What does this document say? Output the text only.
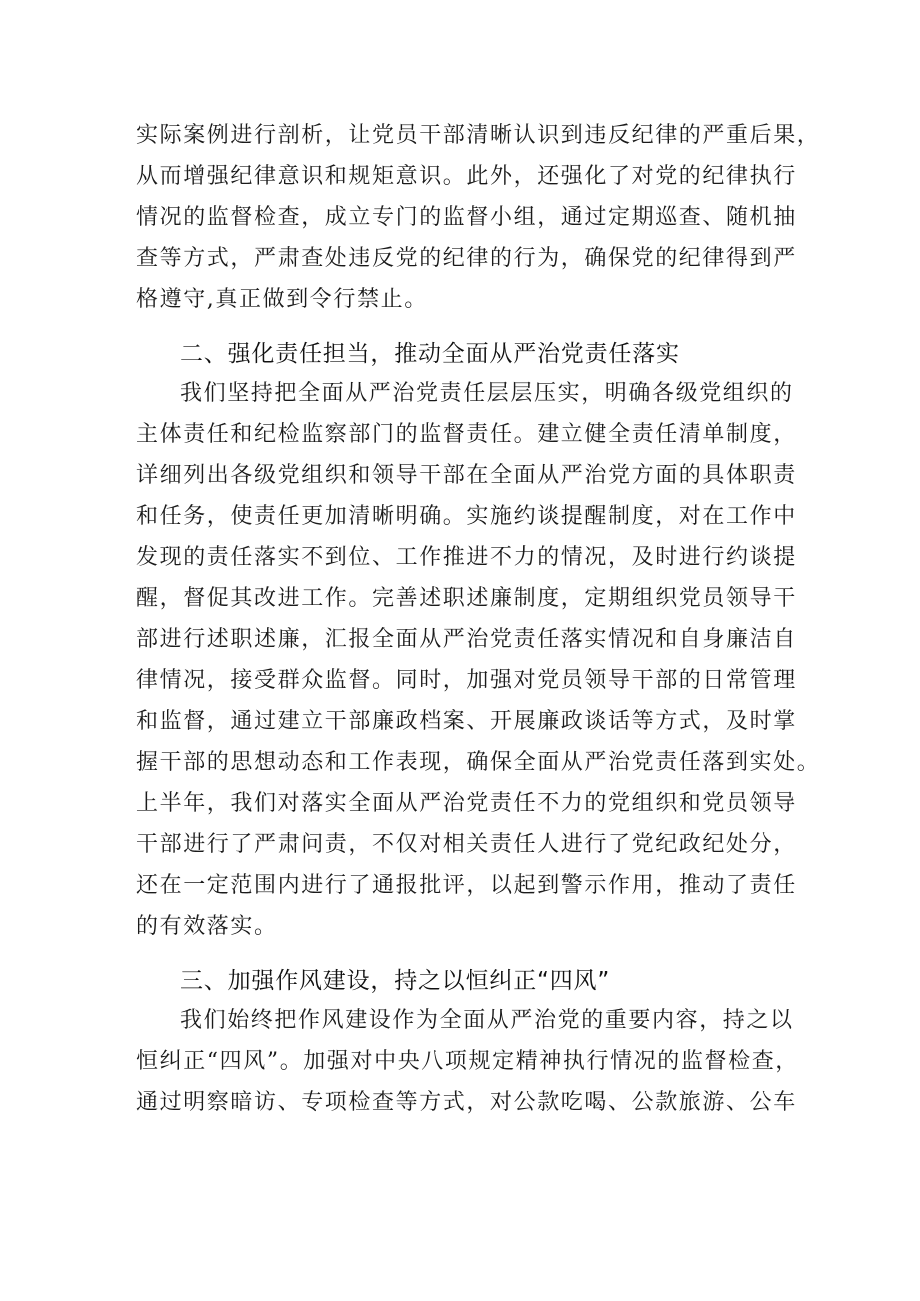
实际案例进行剖析，让党员干部清晰认识到违反纪律的严重后果，
从而增强纪律意识和规矩意识。此外，还强化了对党的纪律执行
情况的监督检查，成立专门的监督小组，通过定期巡查、随机抽
查等方式，严肃查处违反党的纪律的行为，确保党的纪律得到严
格遵守,真正做到令行禁止。
二、强化责任担当，推动全面从严治党责任落实
我们坚持把全面从严治党责任层层压实，明确各级党组织的
主体责任和纪检监察部门的监督责任。建立健全责任清单制度，
详细列出各级党组织和领导干部在全面从严治党方面的具体职责
和任务，使责任更加清晰明确。实施约谈提醒制度，对在工作中
发现的责任落实不到位、工作推进不力的情况，及时进行约谈提
醒，督促其改进工作。完善述职述廉制度，定期组织党员领导干
部进行述职述廉，汇报全面从严治党责任落实情况和自身廉洁自
律情况，接受群众监督。同时，加强对党员领导干部的日常管理
和监督，通过建立干部廉政档案、开展廉政谈话等方式，及时掌
握干部的思想动态和工作表现，确保全面从严治党责任落到实处。
上半年，我们对落实全面从严治党责任不力的党组织和党员领导
干部进行了严肃问责，不仅对相关责任人进行了党纪政纪处分，
还在一定范围内进行了通报批评，以起到警示作用，推动了责任
的有效落实。
三、加强作风建设，持之以恒纠正“四风”
我们始终把作风建设作为全面从严治党的重要内容，持之以
恒纠正“四风”。加强对中央八项规定精神执行情况的监督检查，
通过明察暗访、专项检查等方式，对公款吃喝、公款旅游、公车
